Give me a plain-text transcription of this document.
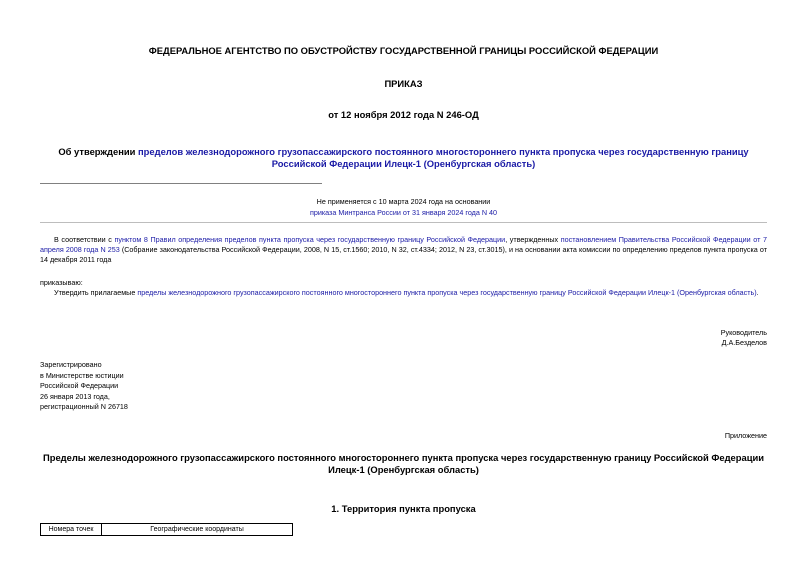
ФЕДЕРАЛЬНОЕ АГЕНТСТВО ПО ОБУСТРОЙСТВУ ГОСУДАРСТВЕННОЙ ГРАНИЦЫ РОССИЙСКОЙ ФЕДЕРАЦИИ
ПРИКАЗ
от 12 ноября 2012 года N 246-ОД
Об утверждении пределов железнодорожного грузопассажирского постоянного многостороннего пункта пропуска через государственную границу Российской Федерации Илецк-1 (Оренбургская область)
Не применяется с 10 марта 2024 года на основании
приказа Минтранса России от 31 января 2024 года N 40
В соответствии с пунктом 8 Правил определения пределов пункта пропуска через государственную границу Российской Федерации, утвержденных постановлением Правительства Российской Федерации от 7 апреля 2008 года N 253 (Собрание законодательства Российской Федерации, 2008, N 15, ст.1560; 2010, N 32, ст.4334; 2012, N 23, ст.3015), и на основании акта комиссии по определению пределов пункта пропуска от 14 декабря 2011 года
приказываю:
Утвердить прилагаемые пределы железнодорожного грузопассажирского постоянного многостороннего пункта пропуска через государственную границу Российской Федерации Илецк-1 (Оренбургская область).
Руководитель
Д.А.Безделов
Зарегистрировано
в Министерстве юстиции
Российской Федерации
26 января 2013 года,
регистрационный N 26718
Приложение
Пределы железнодорожного грузопассажирского постоянного многостороннего пункта пропуска через государственную границу Российской Федерации Илецк-1 (Оренбургская область)
1. Территория пункта пропуска
Номера точек	Географические координаты
